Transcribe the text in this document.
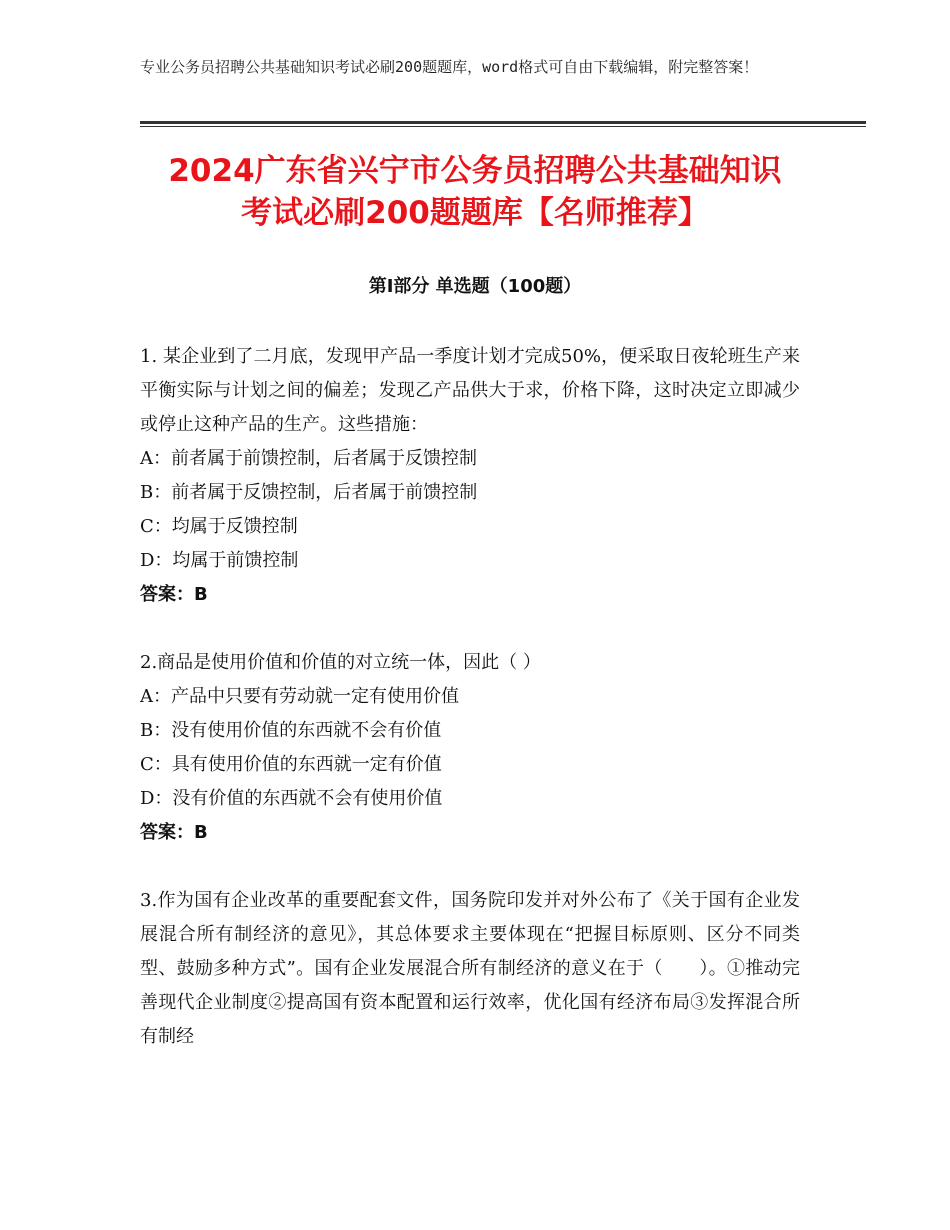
专业公务员招聘公共基础知识考试必刷200题题库，word格式可自由下载编辑，附完整答案！
2024广东省兴宁市公务员招聘公共基础知识
考试必刷200题题库【名师推荐】
第Ⅰ部分 单选题（100题）
1. 某企业到了二月底，发现甲产品一季度计划才完成50%，便采取日夜轮班生产来平衡实际与计划之间的偏差；发现乙产品供大于求，价格下降，这时决定立即减少或停止这种产品的生产。这些措施：
A：前者属于前馈控制，后者属于反馈控制
B：前者属于反馈控制，后者属于前馈控制
C：均属于反馈控制
D：均属于前馈控制
答案：B
2.商品是使用价值和价值的对立统一体，因此（ ）
A：产品中只要有劳动就一定有使用价值
B：没有使用价值的东西就不会有价值
C：具有使用价值的东西就一定有价值
D：没有价值的东西就不会有使用价值
答案：B
3.作为国有企业改革的重要配套文件，国务院印发并对外公布了《关于国有企业发展混合所有制经济的意见》，其总体要求主要体现在“把握目标原则、区分不同类型、鼓励多种方式”。国有企业发展混合所有制经济的意义在于（　　）。①推动完善现代企业制度②提高国有资本配置和运行效率，优化国有经济布局③发挥混合所有制经
